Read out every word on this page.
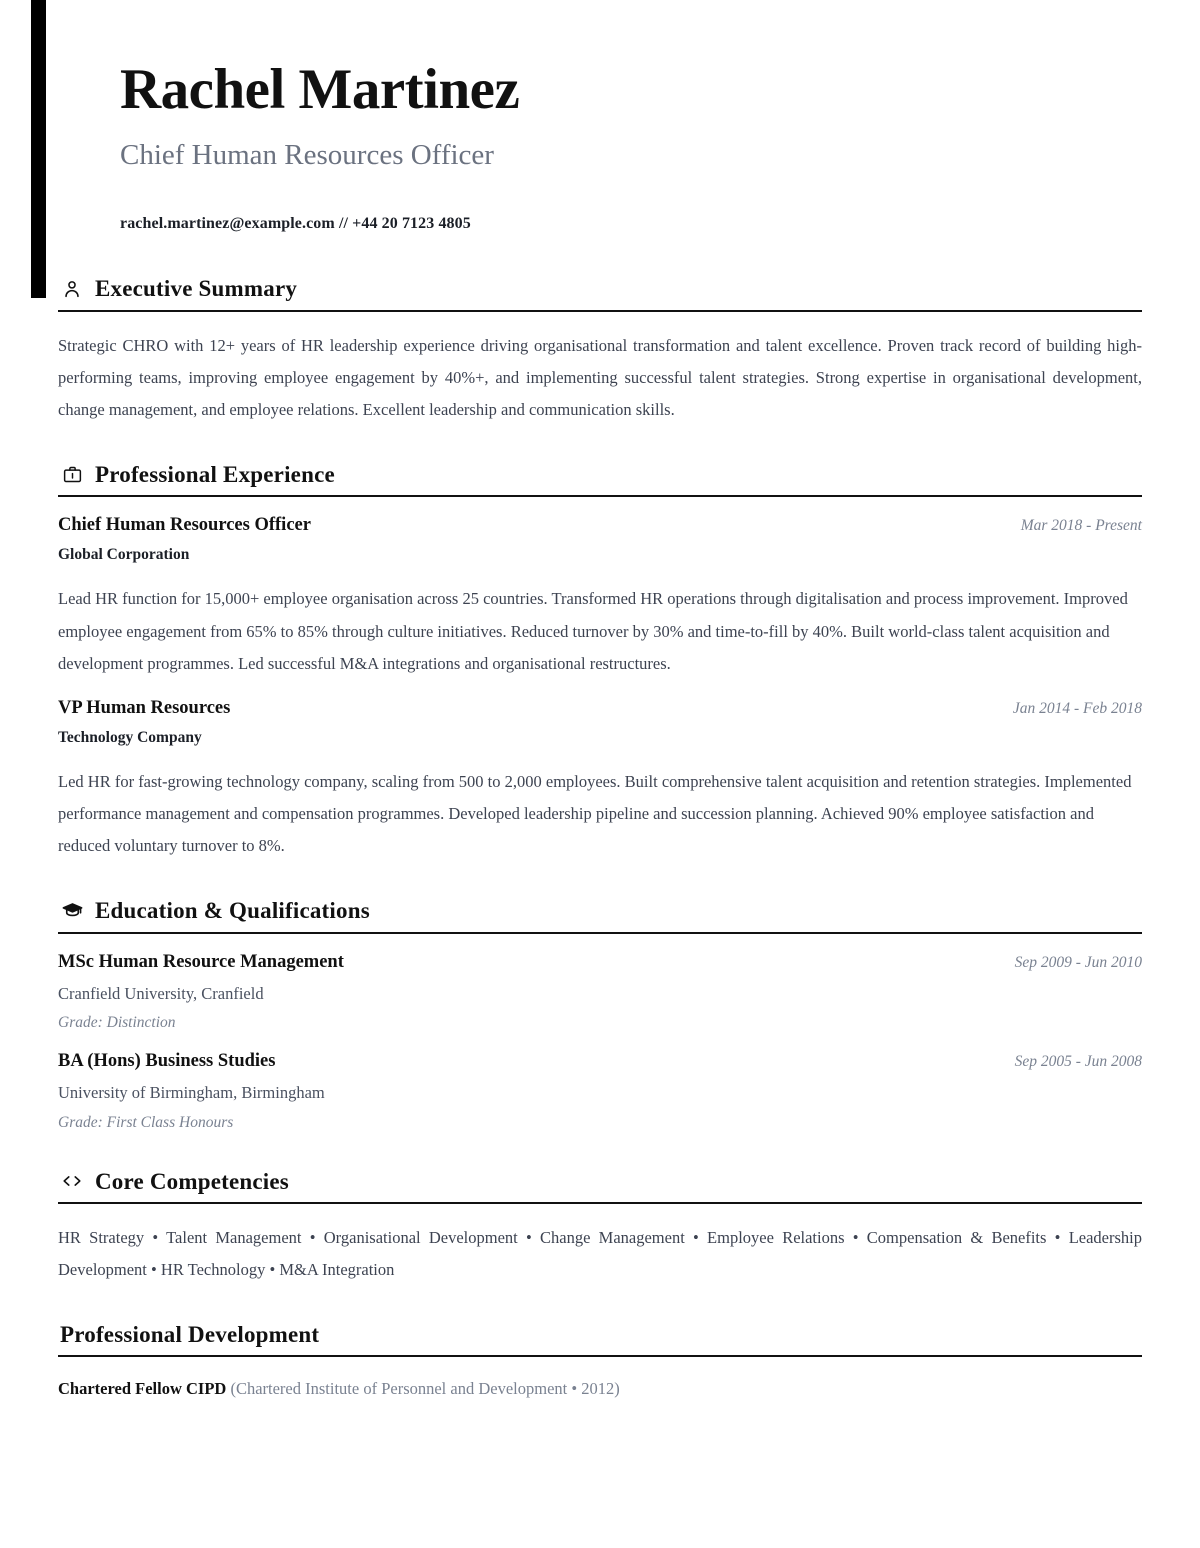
Rachel Martinez
Chief Human Resources Officer
rachel.martinez@example.com // +44 20 7123 4805
Executive Summary

Strategic CHRO with 12+ years of HR leadership experience driving organisational transformation and talent excellence. Proven track record of building high-performing teams, improving employee engagement by 40%+, and implementing successful talent strategies. Strong expertise in organisational development, change management, and employee relations. Excellent leadership and communication skills.

Professional Experience
Chief Human Resources Officer	Mar 2018 - Present
Global Corporation

Lead HR function for 15,000+ employee organisation across 25 countries. Transformed HR operations through digitalisation and process improvement. Improved employee engagement from 65% to 85% through culture initiatives. Reduced turnover by 30% and time-to-fill by 40%. Built world-class talent acquisition and development programmes. Led successful M&A integrations and organisational restructures.

VP Human Resources	Jan 2014 - Feb 2018
Technology Company

Led HR for fast-growing technology company, scaling from 500 to 2,000 employees. Built comprehensive talent acquisition and retention strategies. Implemented performance management and compensation programmes. Developed leadership pipeline and succession planning. Achieved 90% employee satisfaction and reduced voluntary turnover to 8%.

Education & Qualifications
MSc Human Resource Management	Sep 2009 - Jun 2010
Cranfield University, Cranfield
Grade: Distinction
BA (Hons) Business Studies	Sep 2005 - Jun 2008
University of Birmingham, Birmingham
Grade: First Class Honours
Core Competencies

HR Strategy • Talent Management • Organisational Development • Change Management • Employee Relations • Compensation & Benefits • Leadership Development • HR Technology • M&A Integration

Professional Development
Chartered Fellow CIPD (Chartered Institute of Personnel and Development • 2012)
